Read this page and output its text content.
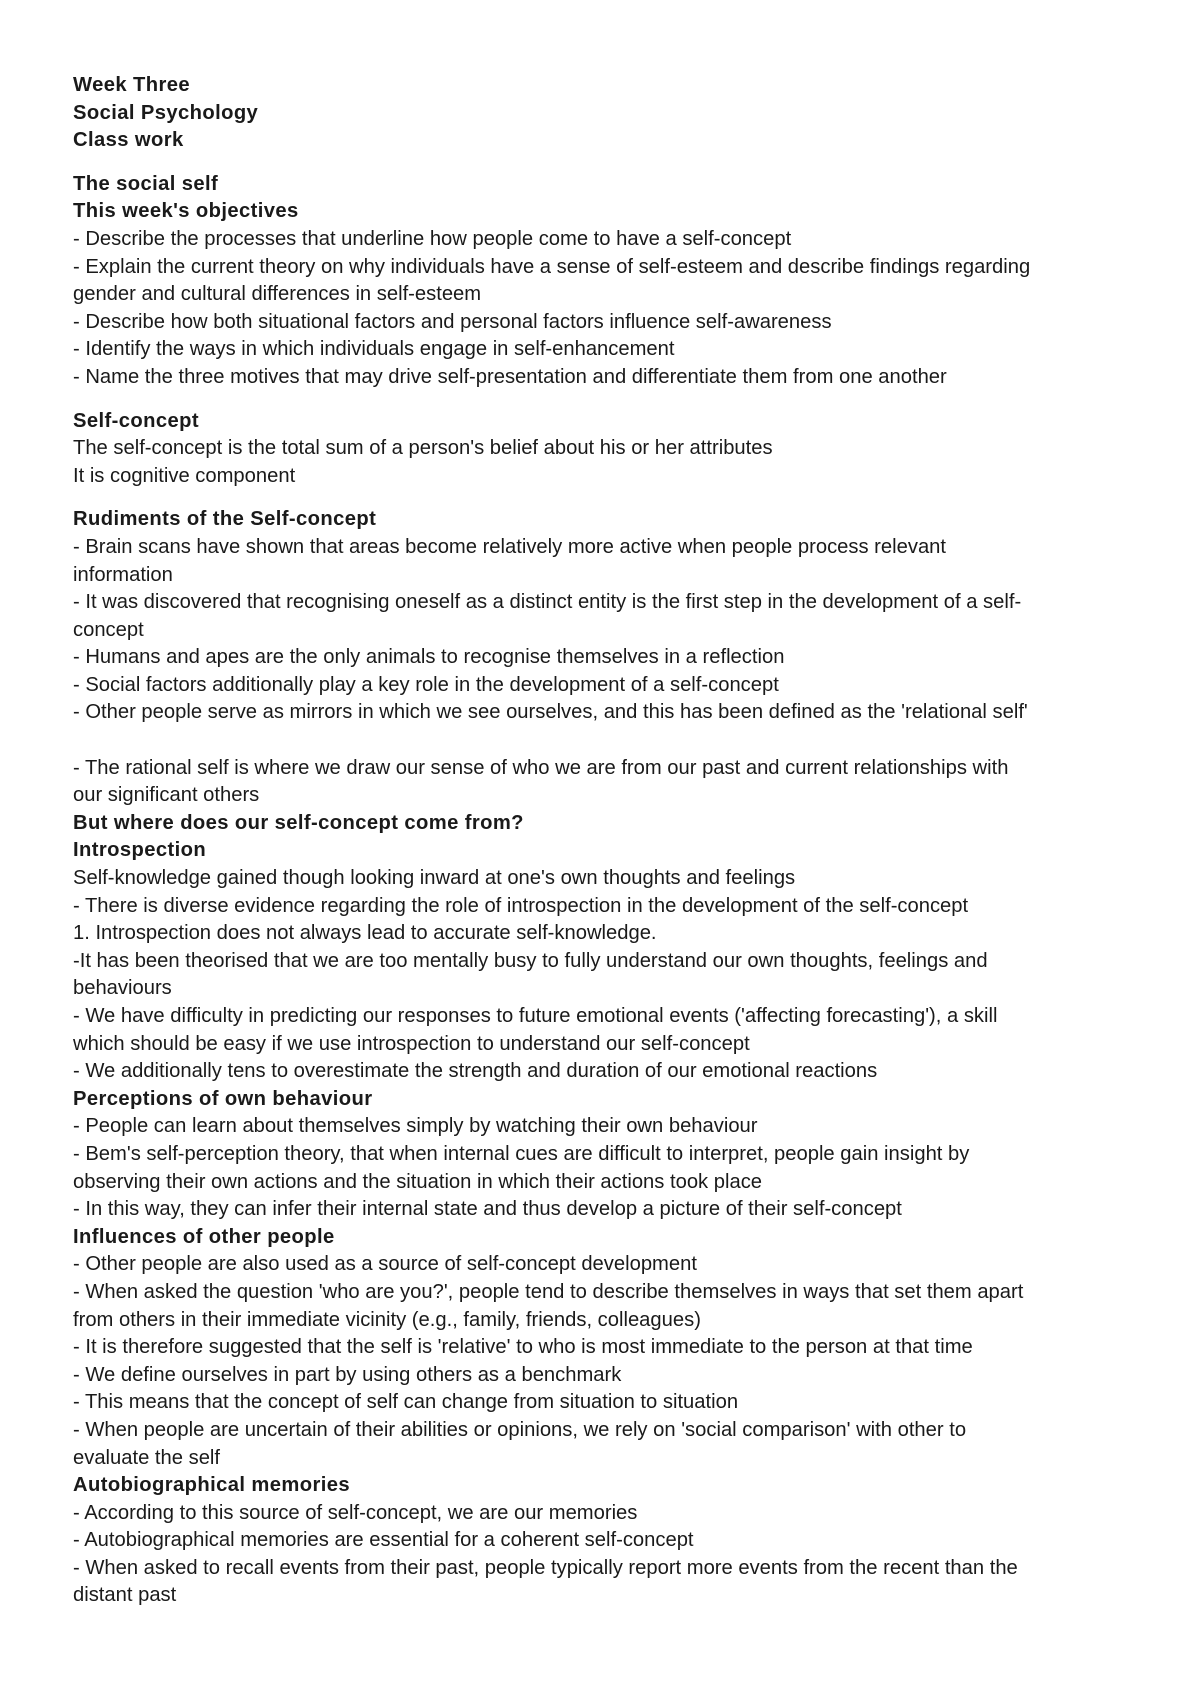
Week Three
Social Psychology
Class work
The social self
This week's objectives
- Describe the processes that underline how people come to have a self-concept
- Explain the current theory on why individuals have a sense of self-esteem and describe findings regarding
gender and cultural differences in self-esteem
- Describe how both situational factors and personal factors influence self-awareness
- Identify the ways in which individuals engage in self-enhancement
- Name the three motives that may drive self-presentation and differentiate them from one another
Self-concept
The self-concept is the total sum of a person's belief about his or her attributes
It is cognitive component
Rudiments of the Self-concept
- Brain scans have shown that areas become relatively more active when people process relevant
information
- It was discovered that recognising oneself as a distinct entity is the first step in the development of a self-
concept
- Humans and apes are the only animals to recognise themselves in a reflection
- Social factors additionally play a key role in the development of a self-concept
- Other people serve as mirrors in which we see ourselves, and this has been defined as the 'relational self'
- The rational self is where we draw our sense of who we are from our past and current relationships with
our significant others
But where does our self-concept come from?
Introspection
Self-knowledge gained though looking inward at one's own thoughts and feelings
- There is diverse evidence regarding the role of introspection in the development of the self-concept
1. Introspection does not always lead to accurate self-knowledge.
-It has been theorised that we are too mentally busy to fully understand our own thoughts, feelings and
behaviours
- We have difficulty in predicting our responses to future emotional events ('affecting forecasting'), a skill
which should be easy if we use introspection to understand our self-concept
- We additionally tens to overestimate the strength and duration of our emotional reactions
Perceptions of own behaviour
- People can learn about themselves simply by watching their own behaviour
- Bem's self-perception theory, that when internal cues are difficult to interpret, people gain insight by
observing their own actions and the situation in which their actions took place
- In this way, they can infer their internal state and thus develop a picture of their self-concept
Influences of other people
- Other people are also used as a source of self-concept development
- When asked the question 'who are you?', people tend to describe themselves in ways that set them apart
from others in their immediate vicinity (e.g., family, friends, colleagues)
- It is therefore suggested that the self is 'relative' to who is most immediate to the person at that time
- We define ourselves in part by using others as a benchmark
- This means that the concept of self can change from situation to situation
- When people are uncertain of their abilities or opinions, we rely on 'social comparison' with other to
evaluate the self
Autobiographical memories
- According to this source of self-concept, we are our memories
- Autobiographical memories are essential for a coherent self-concept
- When asked to recall events from their past, people typically report more events from the recent than the
distant past
